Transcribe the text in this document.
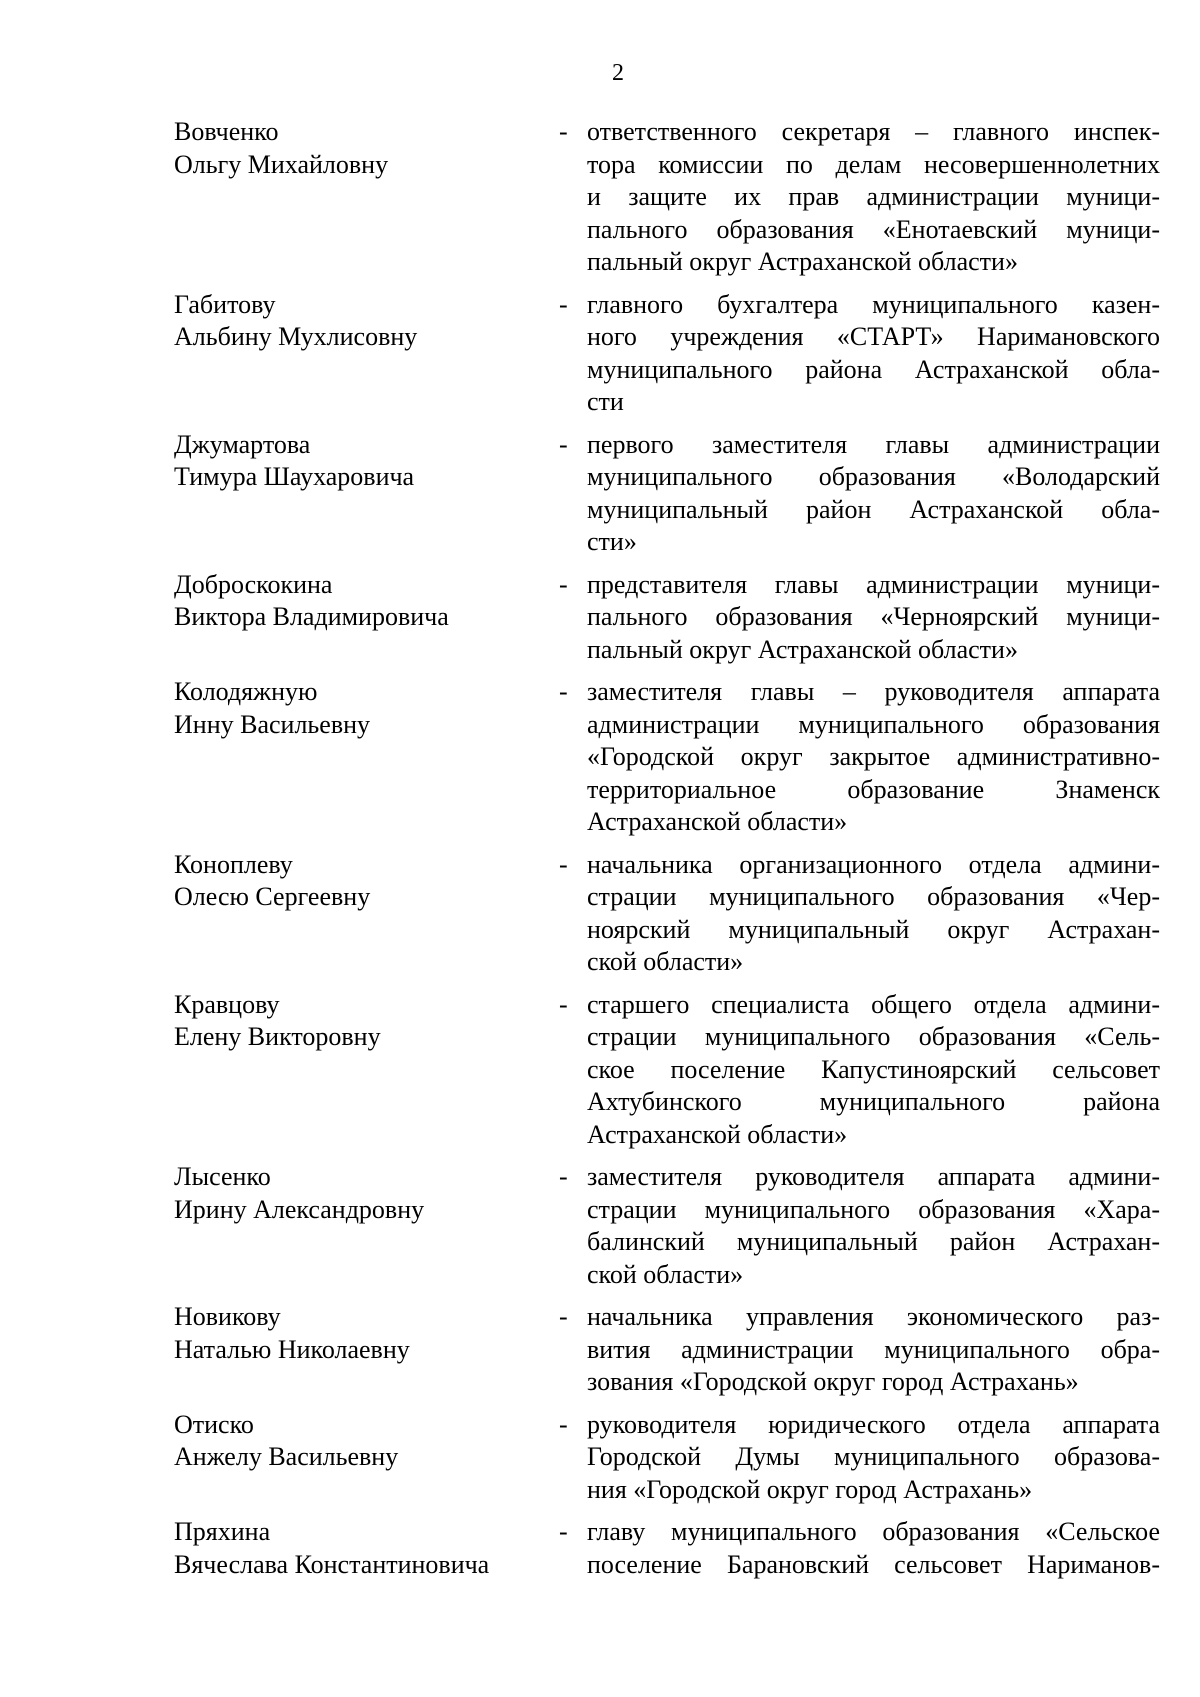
2
Вовченко
Ольгу Михайловну
- ответственного секретаря – главного инспек-
тора комиссии по делам несовершеннолетних
и защите их прав администрации муници-
пального образования «Енотаевский муници-
пальный округ Астраханской области»
Габитову
Альбину Мухлисовну
- главного бухгалтера муниципального казен-
ного учреждения «СТАРТ» Наримановского
муниципального района Астраханской обла-
сти
Джумартова
Тимура Шаухаровича
- первого заместителя главы администрации
муниципального образования «Володарский
муниципальный район Астраханской обла-
сти»
Доброскокина
Виктора Владимировича
- представителя главы администрации муници-
пального образования «Черноярский муници-
пальный округ Астраханской области»
Колодяжную
Инну Васильевну
- заместителя главы – руководителя аппарата
администрации муниципального образования
«Городской округ закрытое административно-
территориальное образование Знаменск
Астраханской области»
Коноплеву
Олесю Сергеевну
- начальника организационного отдела админи-
страции муниципального образования «Чер-
ноярский муниципальный округ Астрахан-
ской области»
Кравцову
Елену Викторовну
- старшего специалиста общего отдела админи-
страции муниципального образования «Сель-
ское поселение Капустиноярский сельсовет
Ахтубинского муниципального района
Астраханской области»
Лысенко
Ирину Александровну
- заместителя руководителя аппарата админи-
страции муниципального образования «Хара-
балинский муниципальный район Астрахан-
ской области»
Новикову
Наталью Николаевну
- начальника управления экономического раз-
вития администрации муниципального обра-
зования «Городской округ город Астрахань»
Отиско
Анжелу Васильевну
- руководителя юридического отдела аппарата
Городской Думы муниципального образова-
ния «Городской округ город Астрахань»
Пряхина
Вячеслава Константиновича
- главу муниципального образования «Сельское
поселение Барановский сельсовет Нариманов-
